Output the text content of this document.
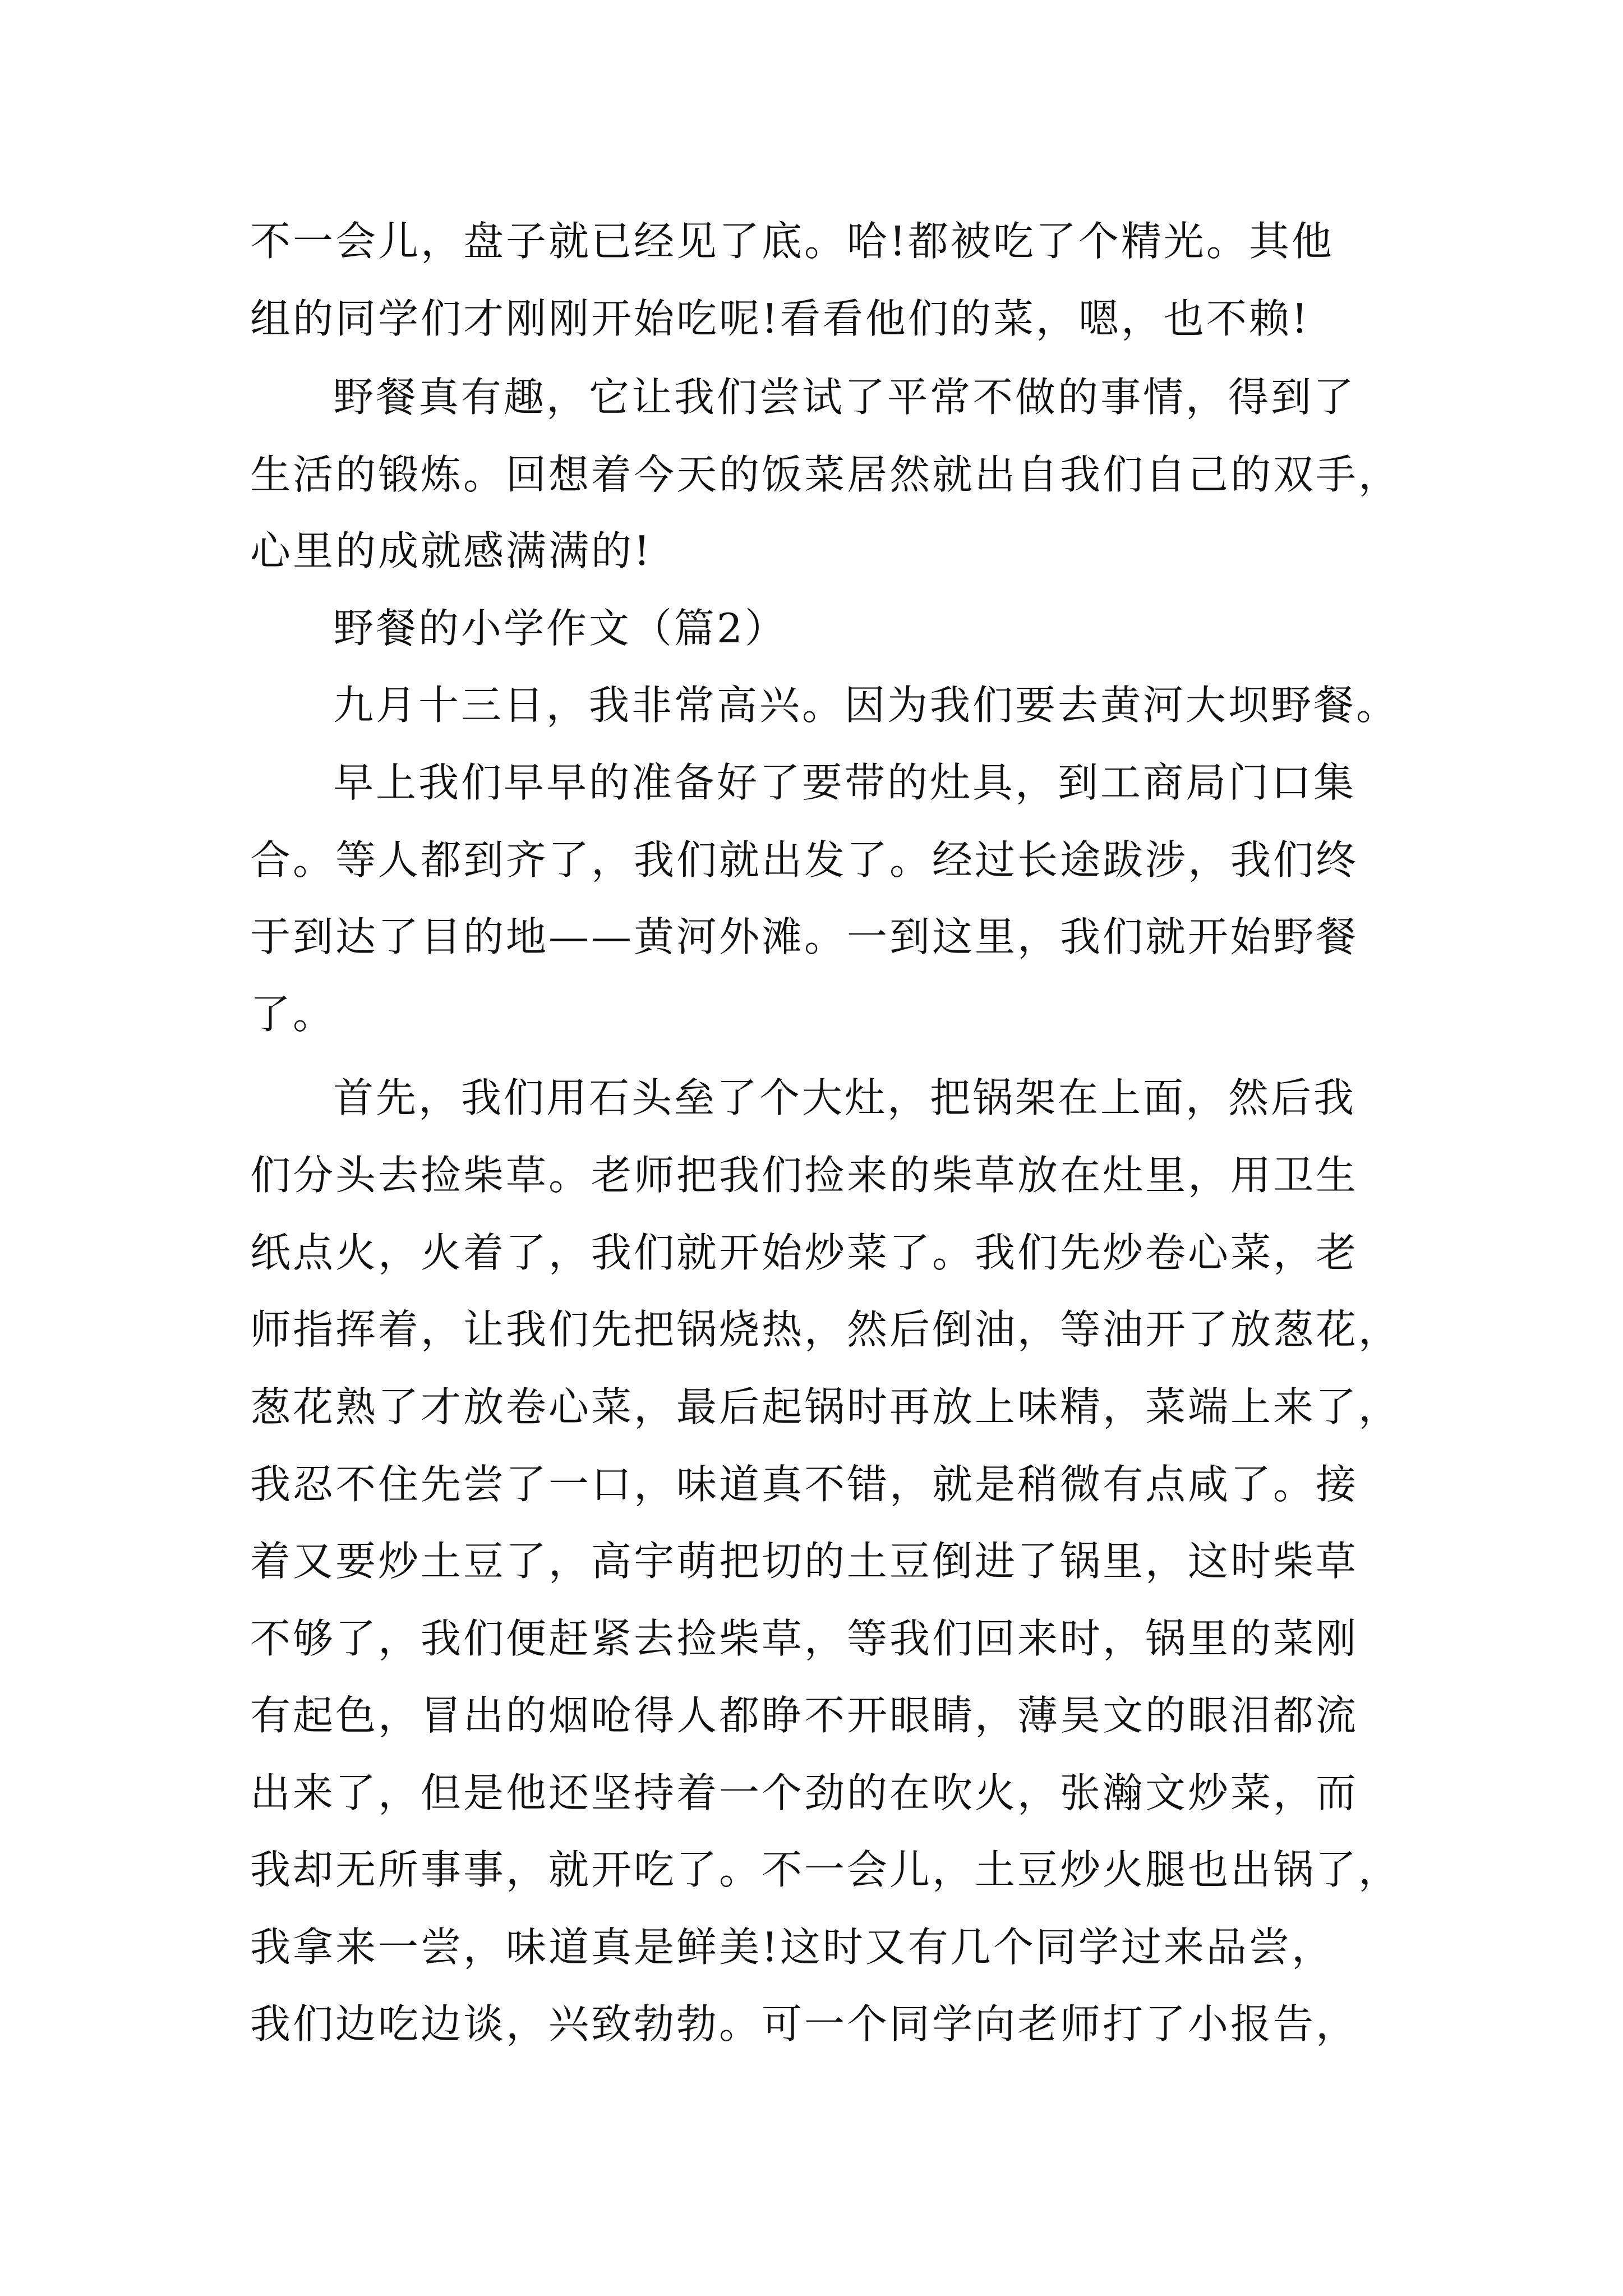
不一会儿，盘子就已经见了底。哈!都被吃了个精光。其他
组的同学们才刚刚开始吃呢!看看他们的菜，嗯，也不赖!
野餐真有趣，它让我们尝试了平常不做的事情，得到了
生活的锻炼。回想着今天的饭菜居然就出自我们自己的双手，
心里的成就感满满的!
野餐的小学作文（篇2）
九月十三日，我非常高兴。因为我们要去黄河大坝野餐。
早上我们早早的准备好了要带的灶具，到工商局门口集
合。等人都到齐了，我们就出发了。经过长途跋涉，我们终
于到达了目的地——黄河外滩。一到这里，我们就开始野餐
了。
首先，我们用石头垒了个大灶，把锅架在上面，然后我
们分头去捡柴草。老师把我们捡来的柴草放在灶里，用卫生
纸点火，火着了，我们就开始炒菜了。我们先炒卷心菜，老
师指挥着，让我们先把锅烧热，然后倒油，等油开了放葱花，
葱花熟了才放卷心菜，最后起锅时再放上味精，菜端上来了，
我忍不住先尝了一口，味道真不错，就是稍微有点咸了。接
着又要炒土豆了，高宇萌把切的土豆倒进了锅里，这时柴草
不够了，我们便赶紧去捡柴草，等我们回来时，锅里的菜刚
有起色，冒出的烟呛得人都睁不开眼睛，薄昊文的眼泪都流
出来了，但是他还坚持着一个劲的在吹火，张瀚文炒菜，而
我却无所事事，就开吃了。不一会儿，土豆炒火腿也出锅了，
我拿来一尝，味道真是鲜美!这时又有几个同学过来品尝，
我们边吃边谈，兴致勃勃。可一个同学向老师打了小报告，
